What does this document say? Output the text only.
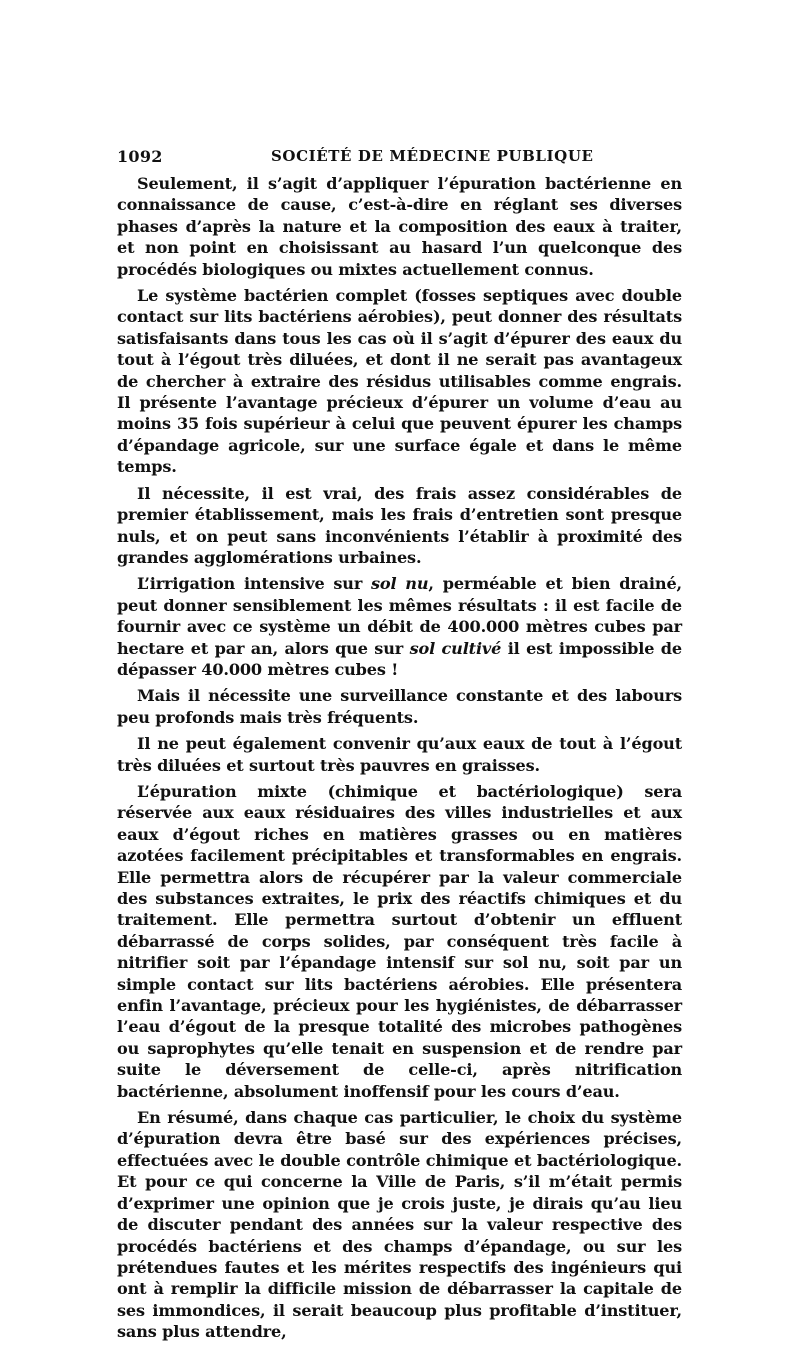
1092	SOCIÉTÉ DE MÉDECINE PUBLIQUE

Seulement, il s’agit d’appliquer l’épuration bactérienne en connaissance de cause, c’est-à-dire en réglant ses diverses phases d’après la nature et la composition des eaux à traiter, et non point en choisissant au hasard l’un quelconque des procédés biologiques ou mixtes actuellement connus.

Le système bactérien complet (fosses septiques avec double contact sur lits bactériens aérobies), peut donner des résultats satisfaisants dans tous les cas où il s’agit d’épurer des eaux du tout à l’égout très diluées, et dont il ne serait pas avantageux de chercher à extraire des résidus utilisables comme engrais. Il présente l’avantage précieux d’épurer un volume d’eau au moins 35 fois supérieur à celui que peuvent épurer les champs d’épandage agricole, sur une surface égale et dans le même temps.

Il nécessite, il est vrai, des frais assez considérables de premier établissement, mais les frais d’entretien sont presque nuls, et on peut sans inconvénients l’établir à proximité des grandes agglomérations urbaines.

L’irrigation intensive sur sol nu, perméable et bien drainé, peut donner sensiblement les mêmes résultats : il est facile de fournir avec ce système un débit de 400.000 mètres cubes par hectare et par an, alors que sur sol cultivé il est impossible de dépasser 40.000 mètres cubes !

Mais il nécessite une surveillance constante et des labours peu profonds mais très fréquents.

Il ne peut également convenir qu’aux eaux de tout à l’égout très diluées et surtout très pauvres en graisses.

L’épuration mixte (chimique et bactériologique) sera réservée aux eaux résiduaires des villes industrielles et aux eaux d’égout riches en matières grasses ou en matières azotées facilement précipitables et transformables en engrais. Elle permettra alors de récupérer par la valeur commerciale des substances extraites, le prix des réactifs chimiques et du traitement. Elle permettra surtout d’obtenir un effluent débarrassé de corps solides, par conséquent très facile à nitrifier soit par l’épandage intensif sur sol nu, soit par un simple contact sur lits bactériens aérobies. Elle présentera enfin l’avantage, précieux pour les hygiénistes, de débarrasser l’eau d’égout de la presque totalité des microbes pathogènes ou saprophytes qu’elle tenait en suspension et de rendre par suite le déversement de celle-ci, après nitrification bactérienne, absolument inoffensif pour les cours d’eau.

En résumé, dans chaque cas particulier, le choix du système d’épuration devra être basé sur des expériences précises, effectuées avec le double contrôle chimique et bactériologique. Et pour ce qui concerne la Ville de Paris, s’il m’était permis d’exprimer une opinion que je crois juste, je dirais qu’au lieu de discuter pendant des années sur la valeur respective des procédés bactériens et des champs d’épandage, ou sur les prétendues fautes et les mérites respectifs des ingénieurs qui ont à remplir la difficile mission de débarrasser la capitale de ses immondices, il serait beaucoup plus profitable d’instituer, sans plus attendre,
